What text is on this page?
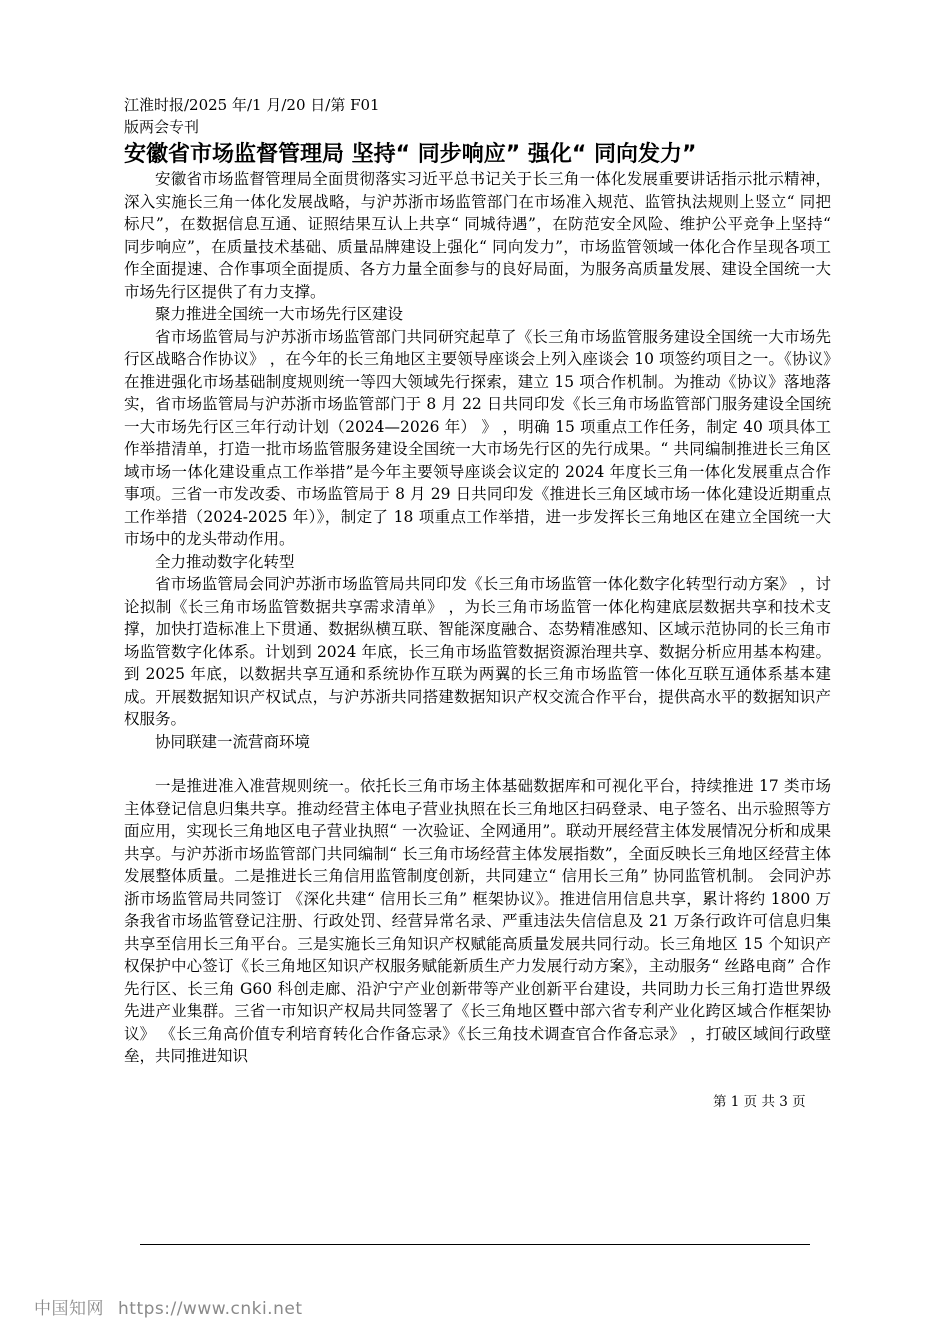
江淮时报/2025 年/1 月/20 日/第 F01
版两会专刊
安徽省市场监督管理局 坚持“ 同步响应” 强化“ 同向发力”

安徽省市场监督管理局全面贯彻落实习近平总书记关于长三角一体化发展重要讲话指示批示精神，深入实施长三角一体化发展战略，与沪苏浙市场监管部门在市场准入规范、监管执法规则上竖立“ 同把标尺”，在数据信息互通、证照结果互认上共享“ 同城待遇”，在防范安全风险、维护公平竞争上坚持“ 同步响应”，在质量技术基础、质量品牌建设上强化“ 同向发力”，市场监管领域一体化合作呈现各项工作全面提速、合作事项全面提质、各方力量全面参与的良好局面，为服务高质量发展、建设全国统一大市场先行区提供了有力支撑。

聚力推进全国统一大市场先行区建设

省市场监管局与沪苏浙市场监管部门共同研究起草了《长三角市场监管服务建设全国统一大市场先行区战略合作协议》 ，在今年的长三角地区主要领导座谈会上列入座谈会 10 项签约项目之一。《协议》在推进强化市场基础制度规则统一等四大领域先行探索，建立 15 项合作机制。为推动《协议》落地落实，省市场监管局与沪苏浙市场监管部门于 8 月 22 日共同印发《长三角市场监管部门服务建设全国统一大市场先行区三年行动计划（2024—2026 年） 》 ，明确 15 项重点工作任务，制定 40 项具体工作举措清单，打造一批市场监管服务建设全国统一大市场先行区的先行成果。“ 共同编制推进长三角区域市场一体化建设重点工作举措”是今年主要领导座谈会议定的 2024 年度长三角一体化发展重点合作事项。三省一市发改委、市场监管局于 8 月 29 日共同印发《推进长三角区域市场一体化建设近期重点工作举措（2024-2025 年）》，制定了 18 项重点工作举措，进一步发挥长三角地区在建立全国统一大市场中的龙头带动作用。

全力推动数字化转型

省市场监管局会同沪苏浙市场监管局共同印发《长三角市场监管一体化数字化转型行动方案》 ，讨论拟制《长三角市场监管数据共享需求清单》 ，为长三角市场监管一体化构建底层数据共享和技术支撑，加快打造标准上下贯通、数据纵横互联、智能深度融合、态势精准感知、区域示范协同的长三角市场监管数字化体系。计划到 2024 年底，长三角市场监管数据资源治理共享、数据分析应用基本构建。到 2025 年底，以数据共享互通和系统协作互联为两翼的长三角市场监管一体化互联互通体系基本建成。开展数据知识产权试点，与沪苏浙共同搭建数据知识产权交流合作平台，提供高水平的数据知识产权服务。

协同联建一流营商环境

一是推进准入准营规则统一。依托长三角市场主体基础数据库和可视化平台，持续推进 17 类市场主体登记信息归集共享。推动经营主体电子营业执照在长三角地区扫码登录、电子签名、出示验照等方面应用，实现长三角地区电子营业执照“ 一次验证、全网通用”。联动开展经营主体发展情况分析和成果共享。与沪苏浙市场监管部门共同编制“ 长三角市场经营主体发展指数”，全面反映长三角地区经营主体发展整体质量。二是推进长三角信用监管制度创新，共同建立“ 信用长三角” 协同监管机制。 会同沪苏浙市场监管局共同签订 《深化共建“ 信用长三角” 框架协议》。推进信用信息共享，累计将约 1800 万条我省市场监管登记注册、行政处罚、经营异常名录、严重违法失信信息及 21 万条行政许可信息归集共享至信用长三角平台。三是实施长三角知识产权赋能高质量发展共同行动。长三角地区 15 个知识产权保护中心签订《长三角地区知识产权服务赋能新质生产力发展行动方案》，主动服务“ 丝路电商” 合作先行区、长三角 G60 科创走廊、沿沪宁产业创新带等产业创新平台建设，共同助力长三角打造世界级先进产业集群。三省一市知识产权局共同签署了《长三角地区暨中部六省专利产业化跨区域合作框架协议》 《长三角高价值专利培育转化合作备忘录》《长三角技术调查官合作备忘录》 ，打破区域间行政壁垒，共同推进知识

第 1 页 共 3 页
中国知网 https://www.cnki.net
